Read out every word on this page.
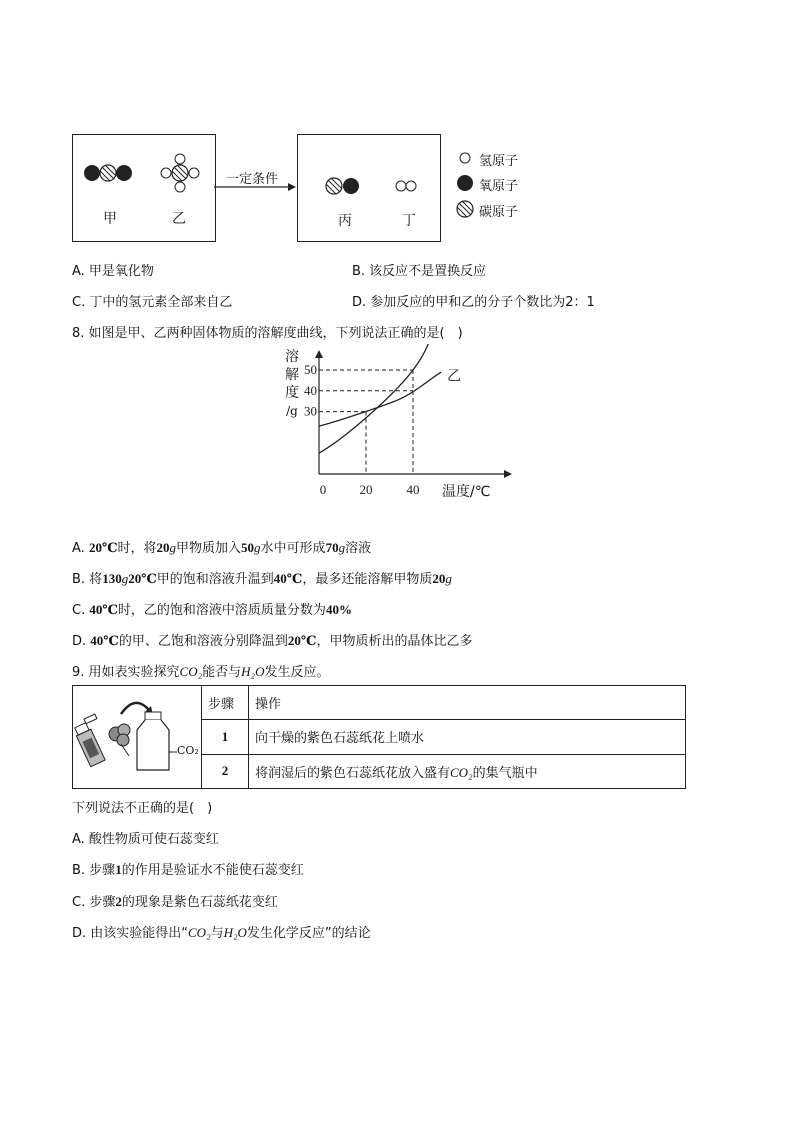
甲	乙
一定条件
丙	丁
氢原子
氧原子
碳原子
A. 甲是氧化物	B. 该反应不是置换反应
C. 丁中的氢元素全部来自乙	D. 参加反应的甲和乙的分子个数比为2：1
8. 如图是甲、乙两种固体物质的溶解度曲线，下列说法正确的是(　)
乙
0	20	40
30
40
50
溶
解
度
/g
温度/℃
A. 20℃时，将20g甲物质加入50g水中可形成70g溶液
B. 将130g20℃甲的饱和溶液升温到40℃，最多还能溶解甲物质20g
C. 40℃时，乙的饱和溶液中溶质质量分数为40%
D. 40℃的甲、乙饱和溶液分别降温到20℃，甲物质析出的晶体比乙多
9. 用如表实验探究CO₂能否与H₂O发生反应。
CO₂	步骤	操作
	1	向干燥的紫色石蕊纸花上喷水
	2	将润湿后的紫色石蕊纸花放入盛有CO₂的集气瓶中
下列说法不正确的是(　)
A. 酸性物质可使石蕊变红
B. 步骤1的作用是验证水不能使石蕊变红
C. 步骤2的现象是紫色石蕊纸花变红
D. 由该实验能得出“CO₂与H₂O发生化学反应”的结论
